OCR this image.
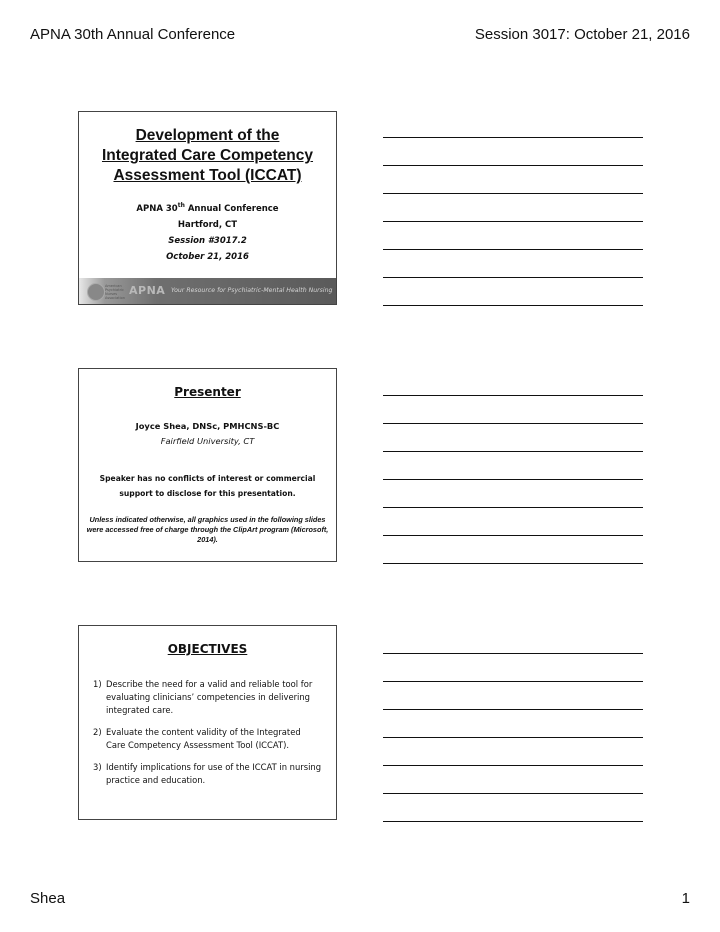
APNA 30th Annual Conference	Session 3017: October 21, 2016
Development of the
Integrated Care Competency
Assessment Tool (ICCAT)
APNA 30th Annual Conference
Hartford, CT
Session #3017.2
October 21, 2016
American Psychiatric Nurses Association
APNA Your Resource for Psychiatric-Mental Health Nursing
Presenter
Joyce Shea, DNSc, PMHCNS-BC
Fairfield University, CT
Speaker has no conflicts of interest or commercial support to disclose for this presentation.
Unless indicated otherwise, all graphics used in the following slides were accessed free of charge through the ClipArt program (Microsoft, 2014).
OBJECTIVES
1) Describe the need for a valid and reliable tool for evaluating clinicians’ competencies in delivering integrated care.
2) Evaluate the content validity of the Integrated Care Competency Assessment Tool (ICCAT).
3) Identify implications for use of the ICCAT in nursing practice and education.
Shea	1
